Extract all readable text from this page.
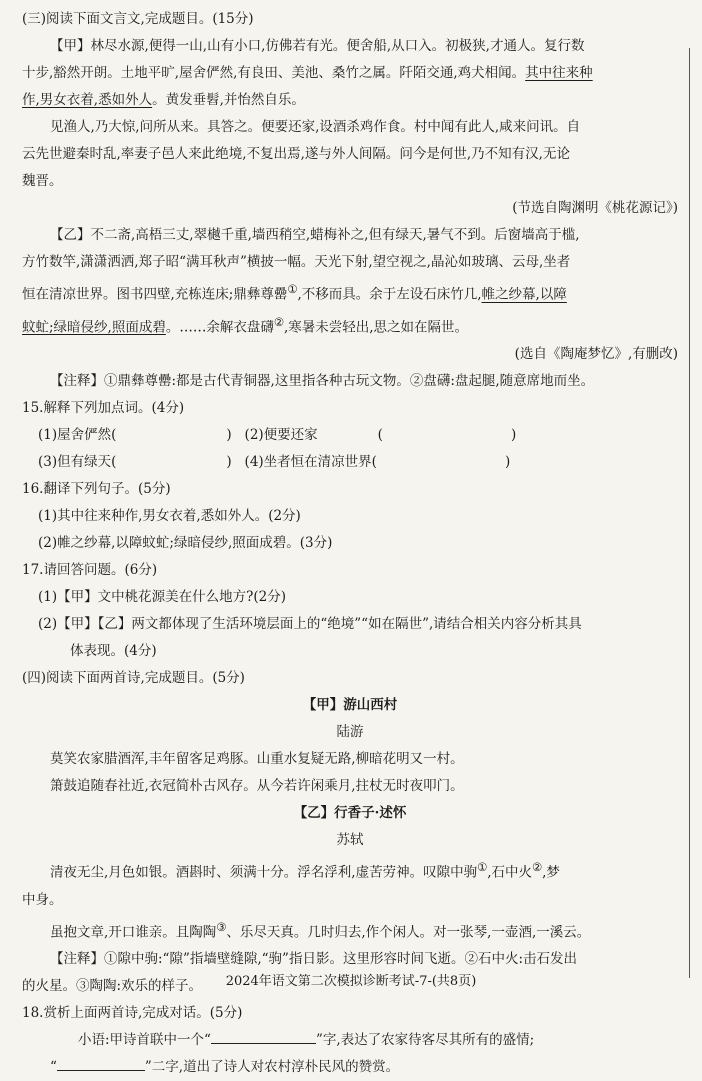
(三)阅读下面文言文,完成题目。(15分)
【甲】林尽水源,便得一山,山有小口,仿佛若有光。便舍船,从口入。初极狭,才通人。复行数
十步,豁然开朗。土地平旷,屋舍俨然,有良田、美池、桑竹之属。阡陌交通,鸡犬相闻。其中往来种
作,男女衣着,悉如外人。黄发垂髫,并怡然自乐。
见渔人,乃大惊,问所从来。具答之。便要还家,设酒杀鸡作食。村中闻有此人,咸来问讯。自
云先世避秦时乱,率妻子邑人来此绝境,不复出焉,遂与外人间隔。问今是何世,乃不知有汉,无论
魏晋。
(节选自陶渊明《桃花源记》)
【乙】不二斋,高梧三丈,翠樾千重,墙西稍空,蜡梅补之,但有绿天,暑气不到。后窗墙高于槛,
方竹数竿,潇潇洒洒,郑子昭“满耳秋声”横披一幅。天光下射,望空视之,晶沁如玻璃、云母,坐者
恒在清凉世界。图书四壁,充栋连床;鼎彝尊罍①,不移而具。余于左设石床竹几,帷之纱幕,以障
蚊虻;绿暗侵纱,照面成碧。……余解衣盘礴②,寒暑未尝轻出,思之如在隔世。
(选自《陶庵梦忆》,有删改)
【注释】①鼎彝尊罍:都是古代青铜器,这里指各种古玩文物。②盘礴:盘起腿,随意席地而坐。
15.解释下列加点词。(4分)
(1)屋舍俨然(	) (2)便要还家	(	)
(3)但有绿天(	) (4)坐者恒在清凉世界(	)
16.翻译下列句子。(5分)
(1)其中往来种作,男女衣着,悉如外人。(2分)
(2)帷之纱幕,以障蚊虻;绿暗侵纱,照面成碧。(3分)
17.请回答问题。(6分)
(1)【甲】文中桃花源美在什么地方?(2分)
(2)【甲】【乙】两文都体现了生活环境层面上的“绝境”“如在隔世”,请结合相关内容分析其具
体表现。(4分)
(四)阅读下面两首诗,完成题目。(5分)
【甲】游山西村
陆游
莫笑农家腊酒浑,丰年留客足鸡豚。山重水复疑无路,柳暗花明又一村。
箫鼓追随春社近,衣冠简朴古风存。从今若许闲乘月,拄杖无时夜叩门。
【乙】行香子·述怀
苏轼
清夜无尘,月色如银。酒斟时、须满十分。浮名浮利,虚苦劳神。叹隙中驹①,石中火②,梦
中身。
虽抱文章,开口谁亲。且陶陶③、乐尽天真。几时归去,作个闲人。对一张琴,一壶酒,一溪云。
【注释】①隙中驹:“隙”指墙壁缝隙,“驹”指日影。这里形容时间飞逝。②石中火:击石发出
的火星。③陶陶:欢乐的样子。
18.赏析上面两首诗,完成对话。(5分)
小语:甲诗首联中一个“	”字,表达了农家待客尽其所有的盛情;
“	”二字,道出了诗人对农村淳朴民风的赞赏。
2024年语文第二次模拟诊断考试-7-(共8页)
